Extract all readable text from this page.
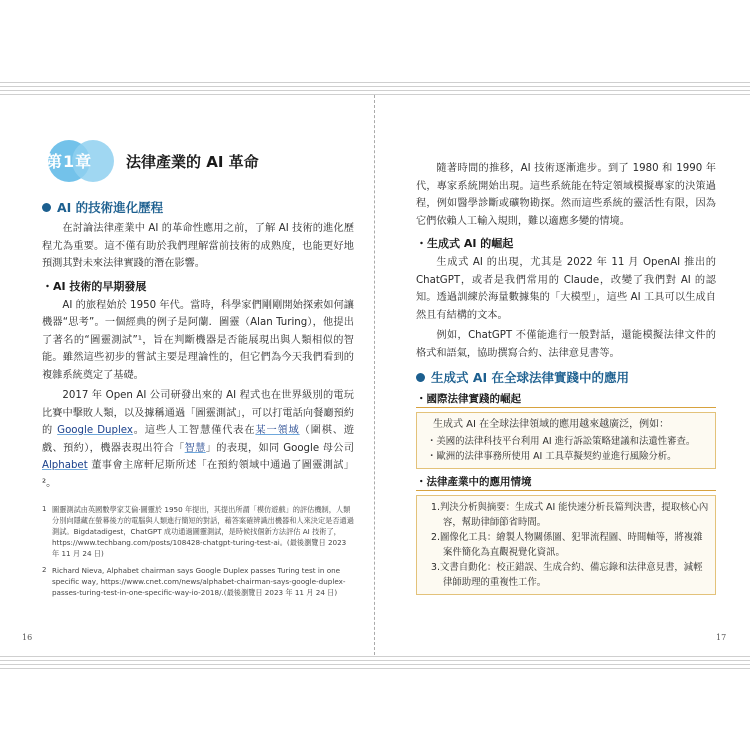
第1章 法律產業的 AI 革命
AI 的技術進化歷程

在討論法律產業中 AI 的革命性應用之前，了解 AI 技術的進化歷程尤為重要。這不僅有助於我們理解當前技術的成熟度，也能更好地預測其對未來法律實踐的潛在影響。

・AI 技術的早期發展

AI 的旅程始於 1950 年代。當時，科學家們剛剛開始探索如何讓機器“思考”。一個經典的例子是阿蘭．圖靈（Alan Turing），他提出了著名的“圖靈測試”¹，旨在判斷機器是否能展現出與人類相似的智能。雖然這些初步的嘗試主要是理論性的，但它們為今天我們看到的複雜系統奠定了基礎。

2017 年 Open AI 公司研發出來的 AI 程式也在世界級別的電玩比賽中擊敗人類，以及據稱通過「圖靈測試」，可以打電話向餐廳預約的 Google Duplex。這些人工智慧僅代表在某一領域（圍棋、遊戲、預約），機器表現出符合「智慧」的表現，如同 Google 母公司 Alphabet 董事會主席軒尼斯所述「在預約領域中通過了圖靈測試」²。

1 圖靈測試由英國數學家艾倫·圖靈於 1950 年提出，其提出所謂「模仿遊戲」的評估機制，人類分別向隱藏在螢幕後方的電腦與人類進行簡短的對話，藉答案確辨識出機器和人來決定是否通過測試。Bigdatadigest，ChatGPT 成功通過圖靈測試，是時候找個新方法評估 AI 技術了，https://www.techbang.com/posts/108428-chatgpt-turing-test-ai。(最後瀏覽日 2023 年 11 月 24 日)
2 Richard Nieva, Alphabet chairman says Google Duplex passes Turing test in one specific way, https://www.cnet.com/news/alphabet-chairman-says-google-duplex-passes-turing-test-in-one-specific-way-io-2018/.(最後瀏覽日 2023 年 11 月 24 日)

隨著時間的推移，AI 技術逐漸進步。到了 1980 和 1990 年代，專家系統開始出現。這些系統能在特定領域模擬專家的決策過程，例如醫學診斷或礦物勘探。然而這些系統的靈活性有限，因為它們依賴人工輸入規則，難以適應多變的情境。

・生成式 AI 的崛起

生成式 AI 的出現，尤其是 2022 年 11 月 OpenAI 推出的 ChatGPT，或者是我們常用的 Claude，改變了我們對 AI 的認知。透過訓練於海量數據集的「大模型」，這些 AI 工具可以生成自然且有結構的文本。

例如，ChatGPT 不僅能進行一般對話，還能模擬法律文件的格式和語氣，協助撰寫合約、法律意見書等。

生成式 AI 在全球法律實踐中的應用
・國際法律實踐的崛起

生成式 AI 在全球法律領域的應用越來越廣泛，例如：

・美國的法律科技平台利用 AI 進行訴訟策略建議和法遺性審查。
・歐洲的法律事務所使用 AI 工具草擬契約並進行風險分析。
・法律產業中的應用情境
1.判決分析與摘要：生成式 AI 能快速分析長篇判決書，提取核心內容，幫助律師節省時間。
2.圖像化工具：繪製人物關係圖、犯罪流程圖、時間軸等，將複雜案件簡化為直觀視覺化資訊。
3.文書自動化：校正錯誤、生成合約、備忘錄和法律意見書，減輕律師助理的重複性工作。
16	17
